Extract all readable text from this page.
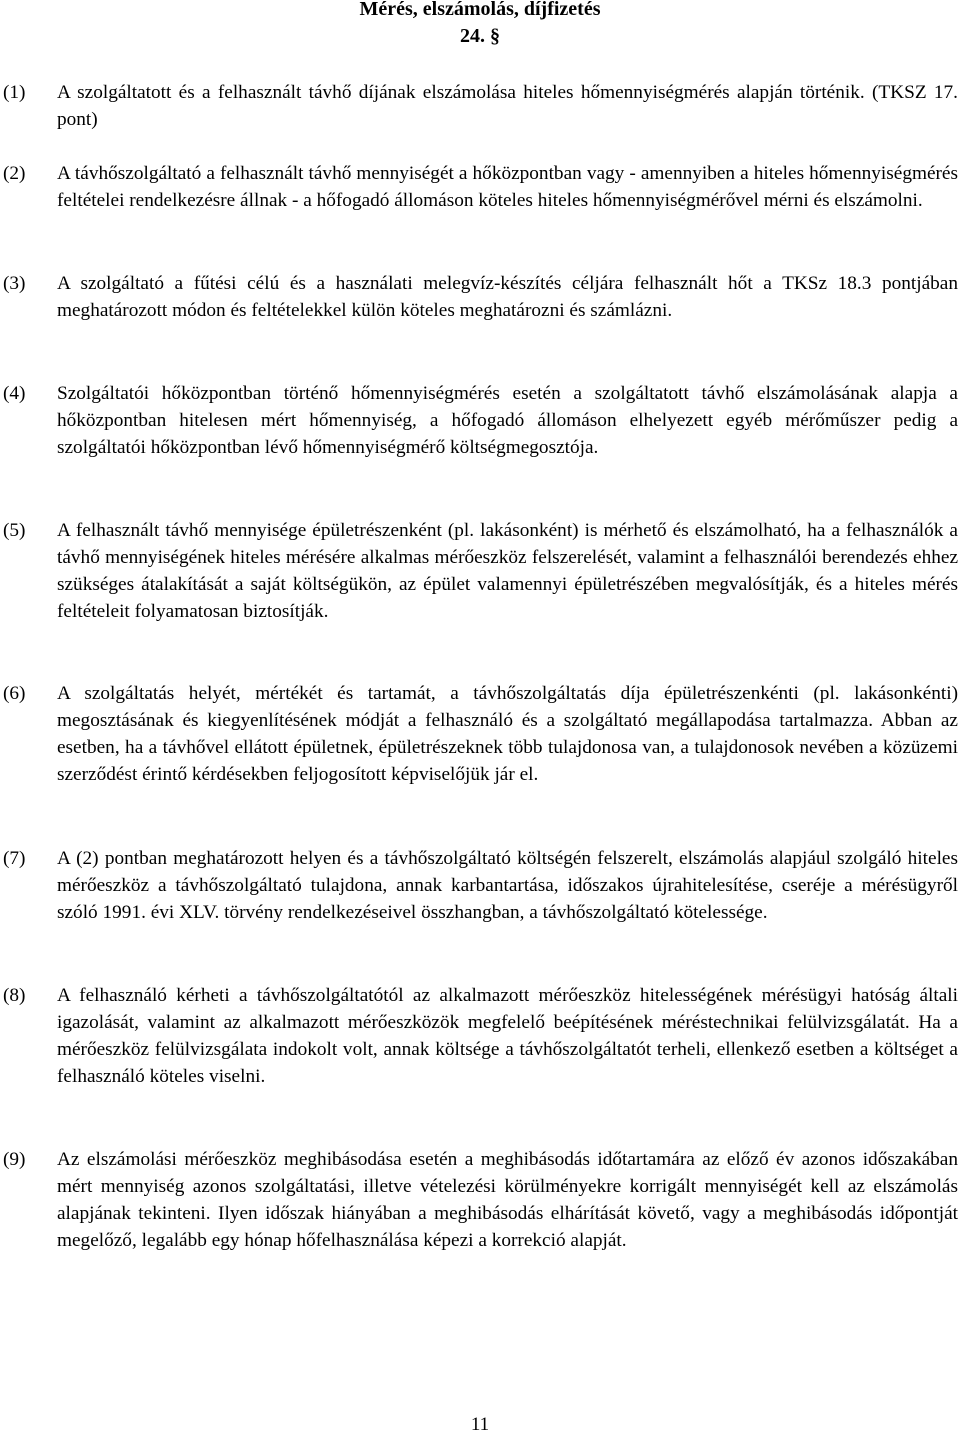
Mérés, elszámolás, díjfizetés
24. §
(1) A szolgáltatott és a felhasznált távhő díjának elszámolása hiteles hőmennyiségmérés alapján történik. (TKSZ 17. pont)
(2) A távhőszolgáltató a felhasznált távhő mennyiségét a hőközpontban vagy - amennyiben a hiteles hőmennyiségmérés feltételei rendelkezésre állnak - a hőfogadó állomáson köteles hiteles hőmennyiségmérővel mérni és elszámolni.
(3) A szolgáltató a fűtési célú és a használati melegvíz-készítés céljára felhasznált hőt a TKSz 18.3 pontjában meghatározott módon és feltételekkel külön köteles meghatározni és számlázni.
(4) Szolgáltatói hőközpontban történő hőmennyiségmérés esetén a szolgáltatott távhő elszámolásának alapja a hőközpontban hitelesen mért hőmennyiség, a hőfogadó állomáson elhelyezett egyéb mérőműszer pedig a szolgáltatói hőközpontban lévő hőmennyiségmérő költségmegosztója.
(5) A felhasznált távhő mennyisége épületrészenként (pl. lakásonként) is mérhető és elszámolható, ha a felhasználók a távhő mennyiségének hiteles mérésére alkalmas mérőeszköz felszerelését, valamint a felhasználói berendezés ehhez szükséges átalakítását a saját költségükön, az épület valamennyi épületrészében megvalósítják, és a hiteles mérés feltételeit folyamatosan biztosítják.
(6) A szolgáltatás helyét, mértékét és tartamát, a távhőszolgáltatás díja épületrészenkénti (pl. lakásonkénti) megosztásának és kiegyenlítésének módját a felhasználó és a szolgáltató megállapodása tartalmazza. Abban az esetben, ha a távhővel ellátott épületnek, épületrészeknek több tulajdonosa van, a tulajdonosok nevében a közüzemi szerződést érintő kérdésekben feljogosított képviselőjük jár el.
(7) A (2) pontban meghatározott helyen és a távhőszolgáltató költségén felszerelt, elszámolás alapjául szolgáló hiteles mérőeszköz a távhőszolgáltató tulajdona, annak karbantartása, időszakos újrahitelesítése, cseréje a mérésügyről szóló 1991. évi XLV. törvény rendelkezéseivel összhangban, a távhőszolgáltató kötelessége.
(8) A felhasználó kérheti a távhőszolgáltatótól az alkalmazott mérőeszköz hitelességének mérésügyi hatóság általi igazolását, valamint az alkalmazott mérőeszközök megfelelő beépítésének méréstechnikai felülvizsgálatát. Ha a mérőeszköz felülvizsgálata indokolt volt, annak költsége a távhőszolgáltatót terheli, ellenkező esetben a költséget a felhasználó köteles viselni.
(9) Az elszámolási mérőeszköz meghibásodása esetén a meghibásodás időtartamára az előző év azonos időszakában mért mennyiség azonos szolgáltatási, illetve vételezési körülményekre korrigált mennyiségét kell az elszámolás alapjának tekinteni. Ilyen időszak hiányában a meghibásodás elhárítását követő, vagy a meghibásodás időpontját megelőző, legalább egy hónap hőfelhasználása képezi a korrekció alapját.
11
